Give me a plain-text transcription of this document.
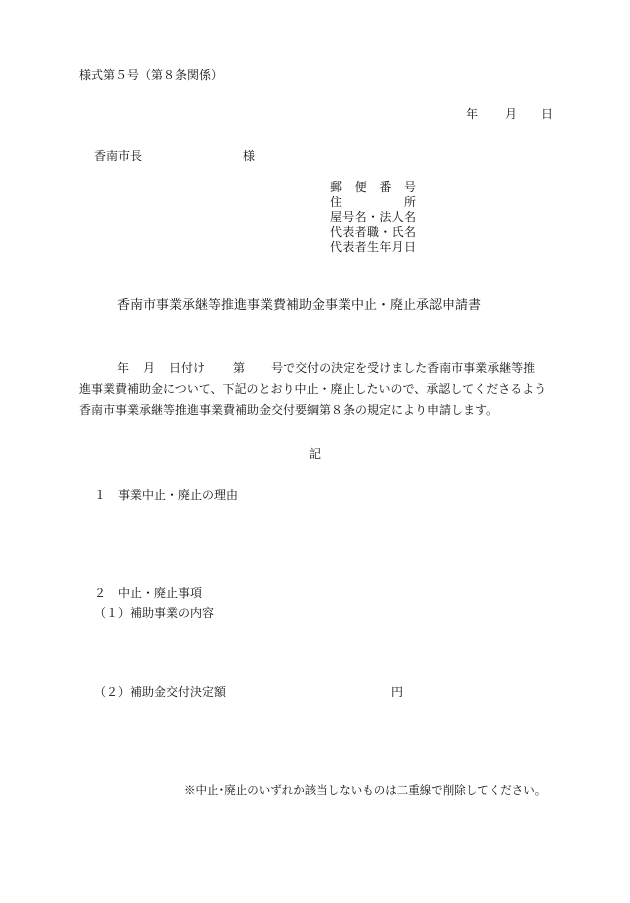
様式第５号（第８条関係）
年 月 日
香南市長	様
郵便番号
住所
屋号名・法人名
代表者職・氏名
代表者生年月日
香南市事業承継等推進事業費補助金事業中止・廃止承認申請書
年 月 日付け 第 号で交付の決定を受けました香南市事業承継等推
進事業費補助金について、下記のとおり中止・廃止したいので、承認してくださるよう
香南市事業承継等推進事業費補助金交付要綱第８条の規定により申請します。
記
１　事業中止・廃止の理由
２　中止・廃止事項
（１）補助事業の内容
（２）補助金交付決定額	円
※中止･廃止のいずれか該当しないものは二重線で削除してください。
